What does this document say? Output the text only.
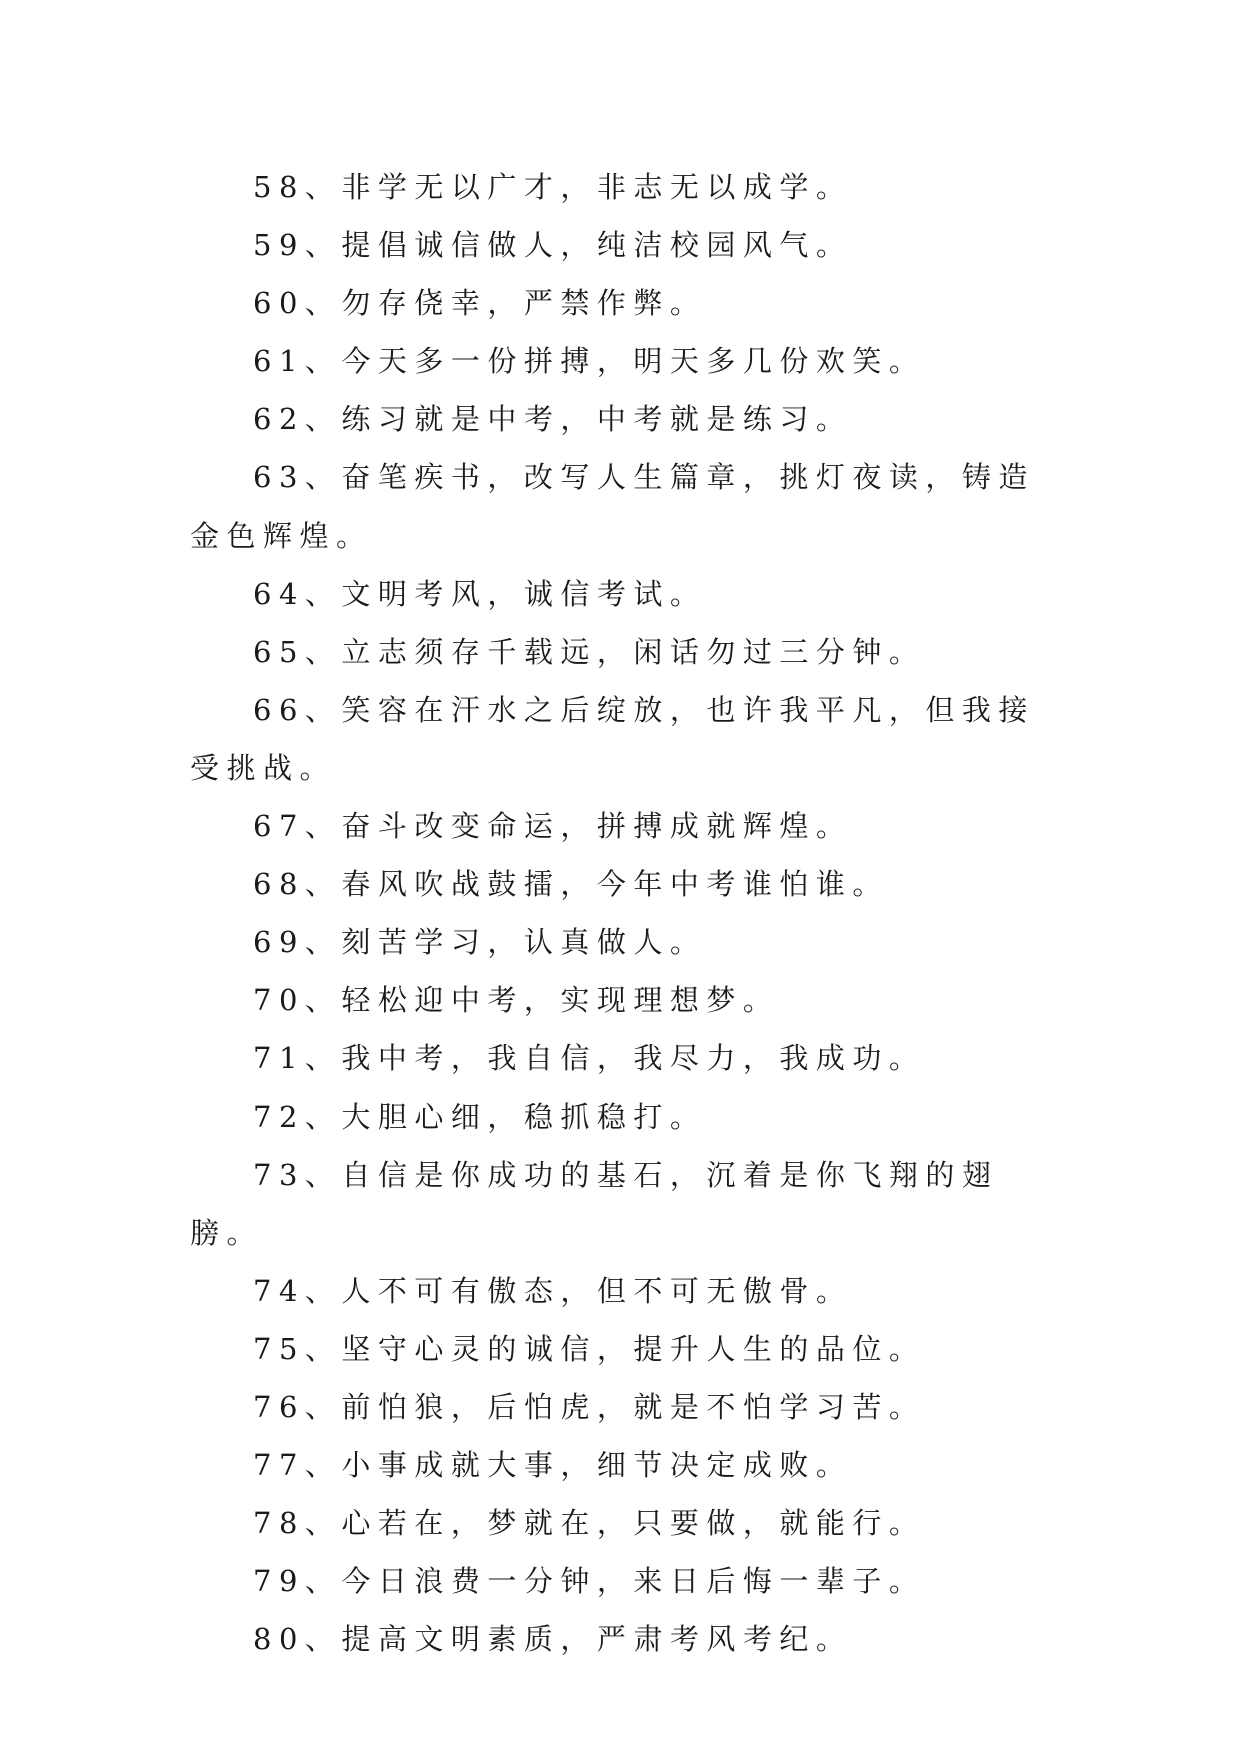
58、非学无以广才，非志无以成学。

59、提倡诚信做人，纯洁校园风气。

60、勿存侥幸，严禁作弊。

61、今天多一份拼搏，明天多几份欢笑。

62、练习就是中考，中考就是练习。

63、奋笔疾书，改写人生篇章，挑灯夜读，铸造金色辉煌。

64、文明考风，诚信考试。

65、立志须存千载远，闲话勿过三分钟。

66、笑容在汗水之后绽放，也许我平凡，但我接受挑战。

67、奋斗改变命运，拼搏成就辉煌。

68、春风吹战鼓擂，今年中考谁怕谁。

69、刻苦学习，认真做人。

70、轻松迎中考，实现理想梦。

71、我中考，我自信，我尽力，我成功。

72、大胆心细，稳抓稳打。

73、自信是你成功的基石，沉着是你飞翔的翅膀。

74、人不可有傲态，但不可无傲骨。

75、坚守心灵的诚信，提升人生的品位。

76、前怕狼，后怕虎，就是不怕学习苦。

77、小事成就大事，细节决定成败。

78、心若在，梦就在，只要做，就能行。

79、今日浪费一分钟，来日后悔一辈子。

80、提高文明素质，严肃考风考纪。
